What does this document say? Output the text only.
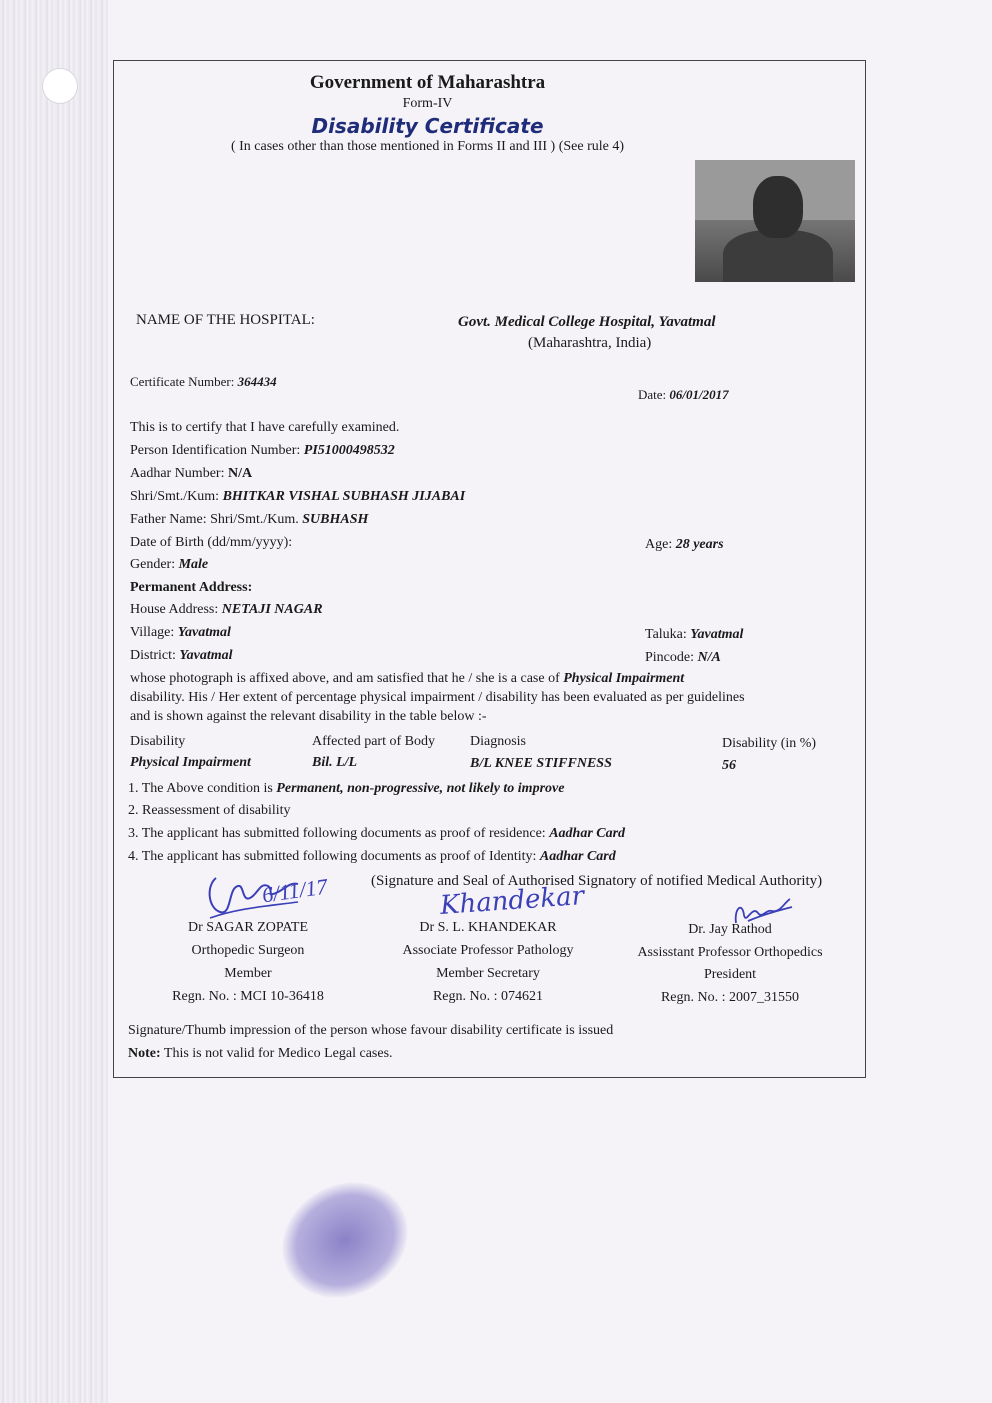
Government of Maharashtra
Form-IV
Disability Certificate
( In cases other than those mentioned in Forms II and III ) (See rule 4)
NAME OF THE HOSPITAL:	Govt. Medical College Hospital, Yavatmal
(Maharashtra, India)
Certificate Number: 364434
Date: 06/01/2017
This is to certify that I have carefully examined.
Person Identification Number: PI51000498532
Aadhar Number: N/A
Shri/Smt./Kum: BHITKAR VISHAL SUBHASH JIJABAI
Father Name: Shri/Smt./Kum. SUBHASH
Date of Birth (dd/mm/yyyy):	Age: 28 years
Gender: Male
Permanent Address:
House Address: NETAJI NAGAR
Village: Yavatmal	Taluka: Yavatmal
District: Yavatmal	Pincode: N/A
whose photograph is affixed above, and am satisfied that he / she is a case of Physical Impairment
disability. His / Her extent of percentage physical impairment / disability has been evaluated as per guidelines
and is shown against the relevant disability in the table below :-
Disability	Affected part of Body	Diagnosis	Disability (in %)
Physical Impairment	Bil. L/L	B/L KNEE STIFFNESS	56
1. The Above condition is Permanent, non-progressive, not likely to improve
2. Reassessment of disability
3. The applicant has submitted following documents as proof of residence: Aadhar Card
4. The applicant has submitted following documents as proof of Identity: Aadhar Card
(Signature and Seal of Authorised Signatory of notified Medical Authority)
6/11/17	Khandekar
Dr SAGAR ZOPATE
Orthopedic Surgeon
Member
Regn. No. : MCI 10-36418
Dr S. L. KHANDEKAR
Associate Professor Pathology
Member Secretary
Regn. No. : 074621
Dr. Jay Rathod
Assisstant Professor Orthopedics
President
Regn. No. : 2007_31550
Signature/Thumb impression of the person whose favour disability certificate is issued
Note: This is not valid for Medico Legal cases.
